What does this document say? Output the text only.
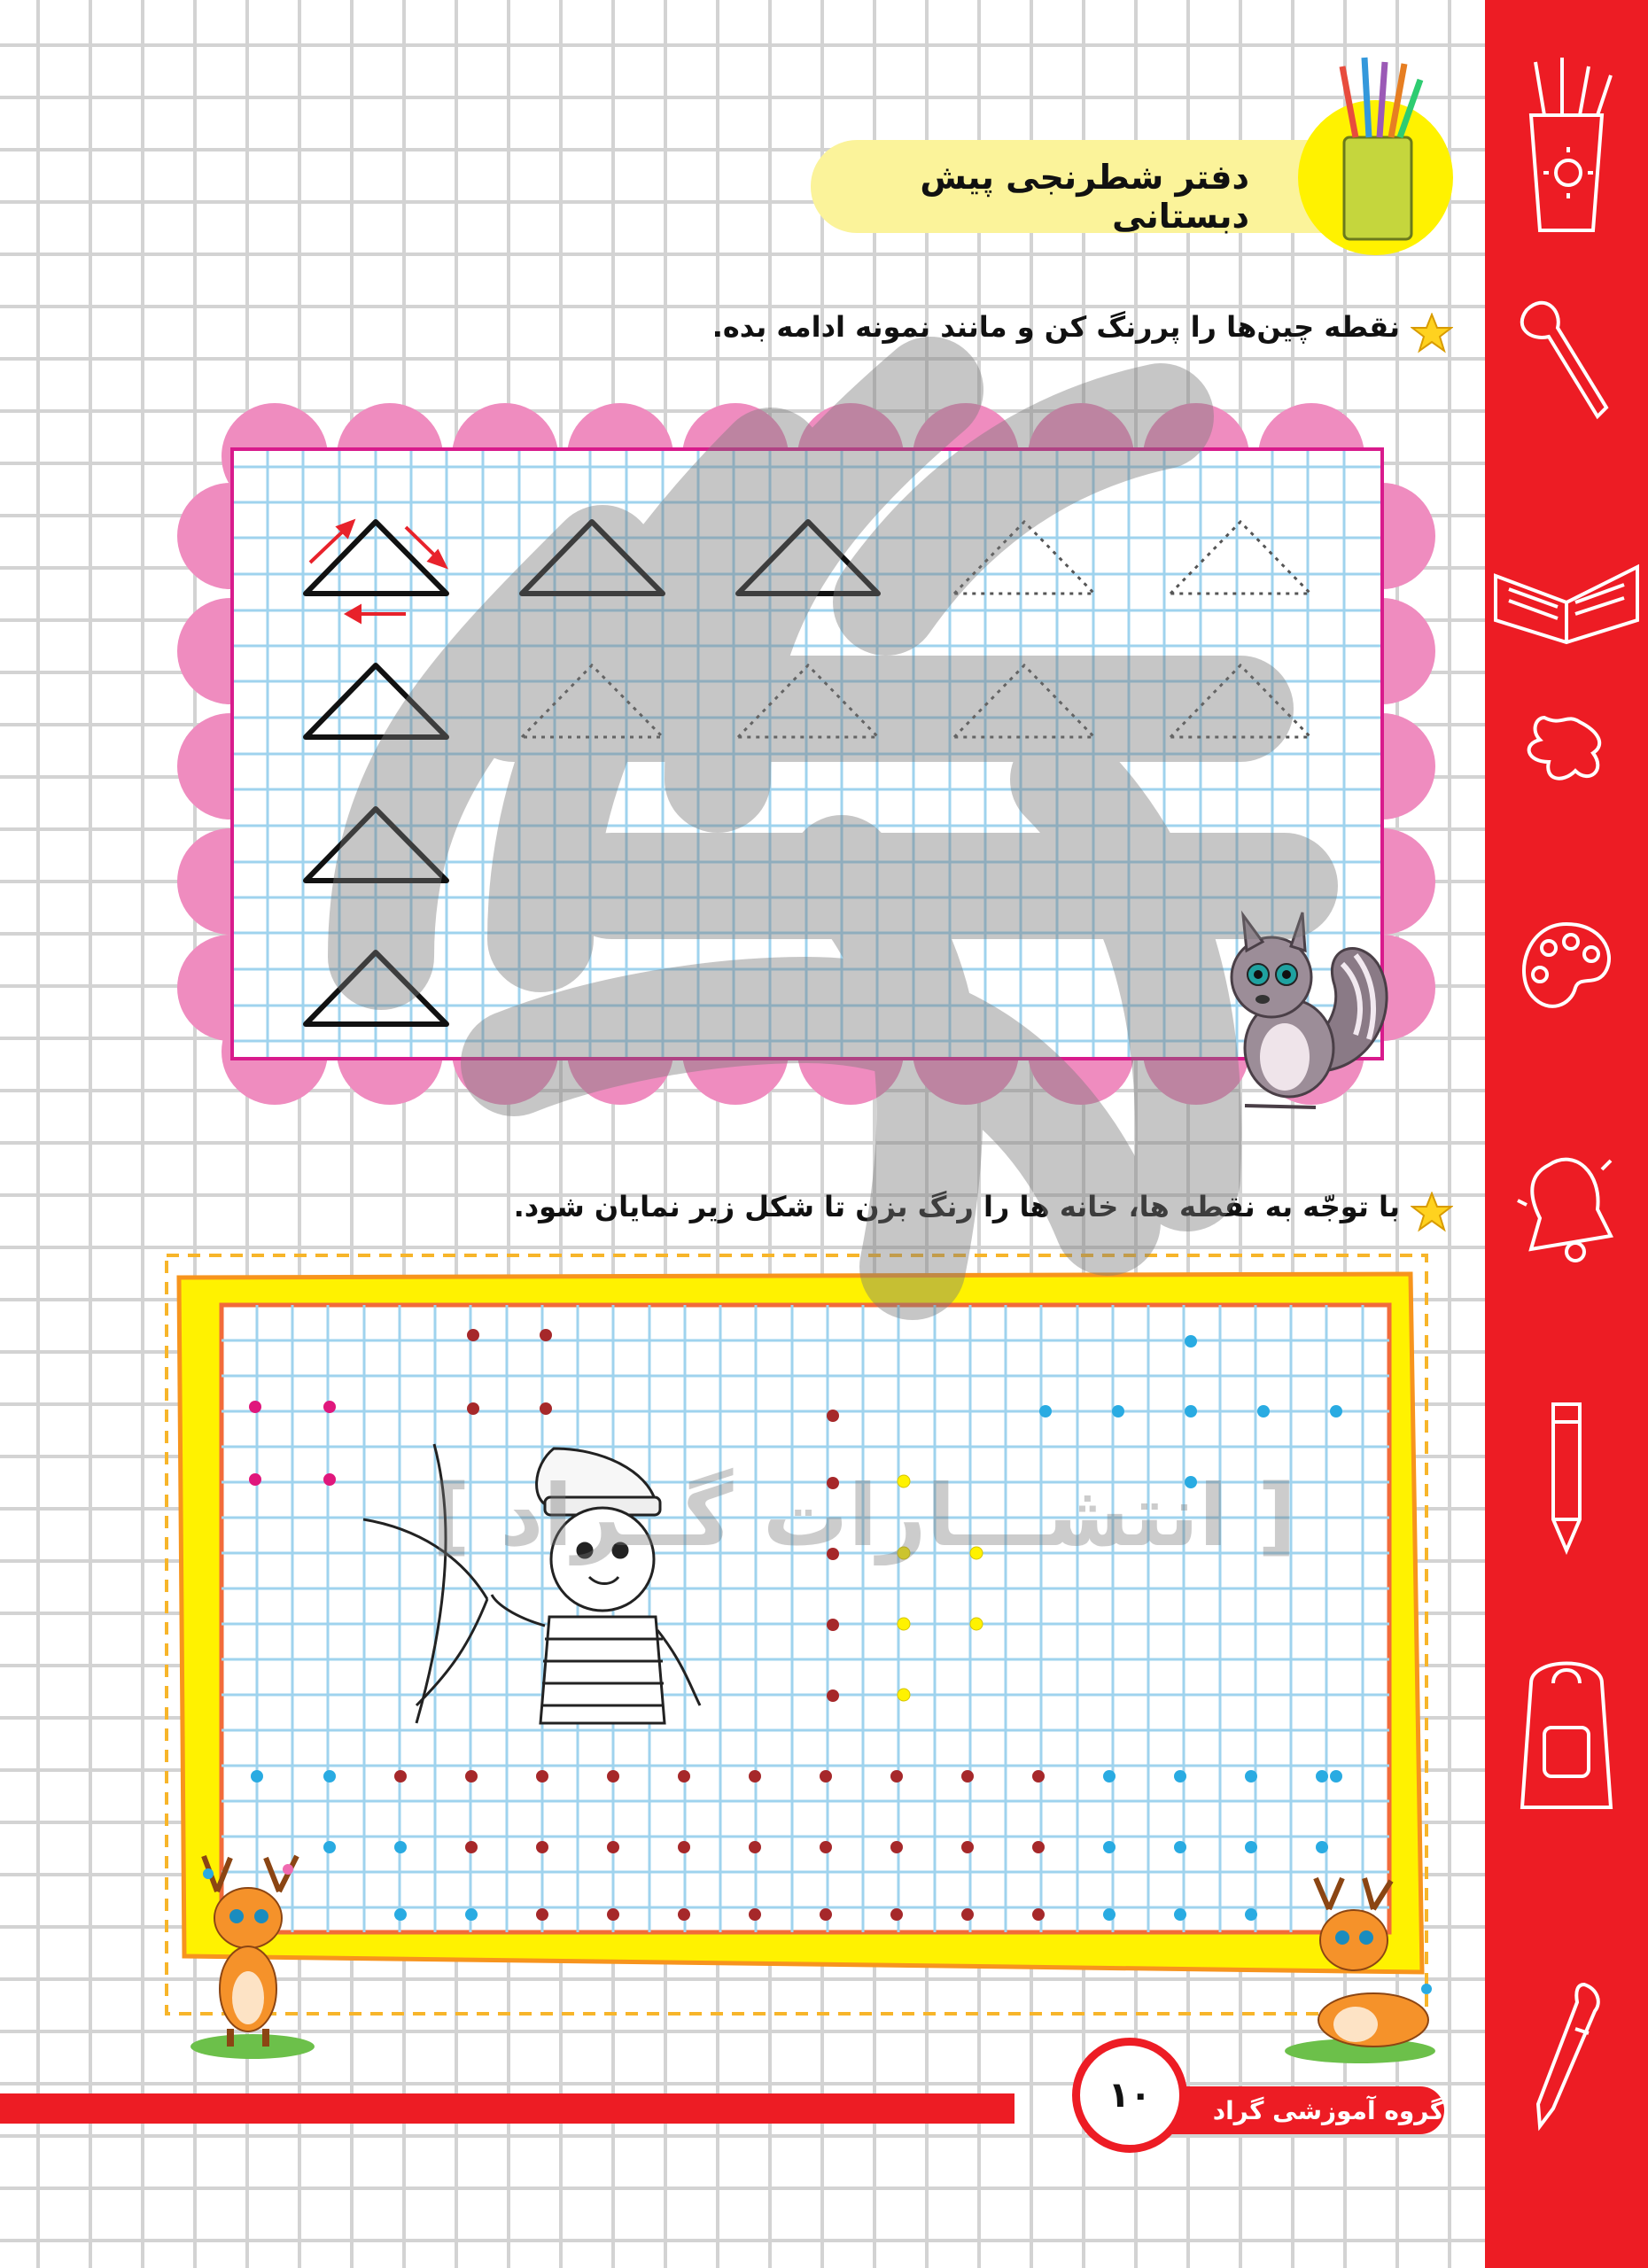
دفتر شطرنجی پیش دبستانی
نقطه چین‌ها را پررنگ کن و مانند نمونه ادامه بده.
با توجّه به نقطه ها، خانه ها را رنگ بزن تا شکل زیر نمایان شود.
[ انتشـــارات گــراد ]
گروه آموزشی گراد
۱۰
